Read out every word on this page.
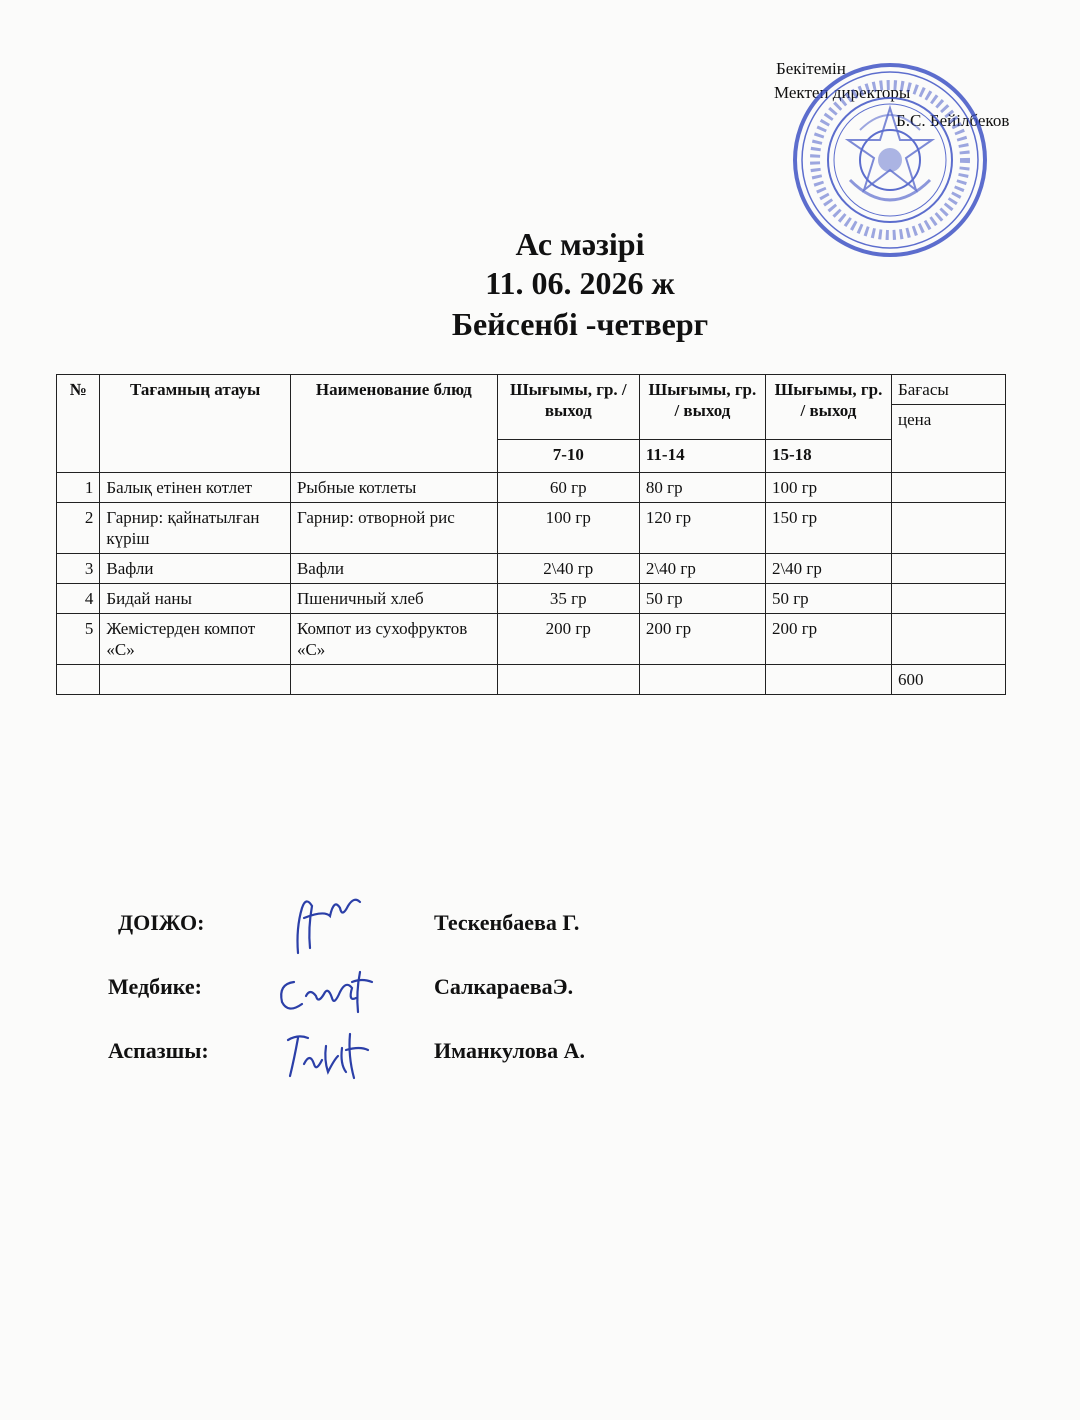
Бекітемін
Мектеп директоры
Б.С. Бейілбеков
Ас мәзірі
11. 06. 2026 ж
Бейсенбі -четверг
№	Тағамның атауы	Наименование блюд	Шығымы, гр. / выход	Шығымы, гр. / выход	Шығымы, гр. / выход	Бағасы
						цена
			7-10	11-14	15-18	
1	Балық етінен котлет	Рыбные котлеты	60 гр	80 гр	100 гр	
2	Гарнир: қайнатылған күріш	Гарнир: отворной рис	100 гр	120 гр	150 гр	
3	Вафли	Вафли	2\40 гр	2\40 гр	2\40 гр	
4	Бидай наны	Пшеничный хлеб	35 гр	50 гр	50 гр	
5	Жемістерден компот «С»	Компот из сухофруктов «С»	200 гр	200 гр	200 гр	
						600
ДОІЖО:	Тескенбаева Г.
Медбике:	СалкараеваЭ.
Аспазшы:	Иманкулова А.
